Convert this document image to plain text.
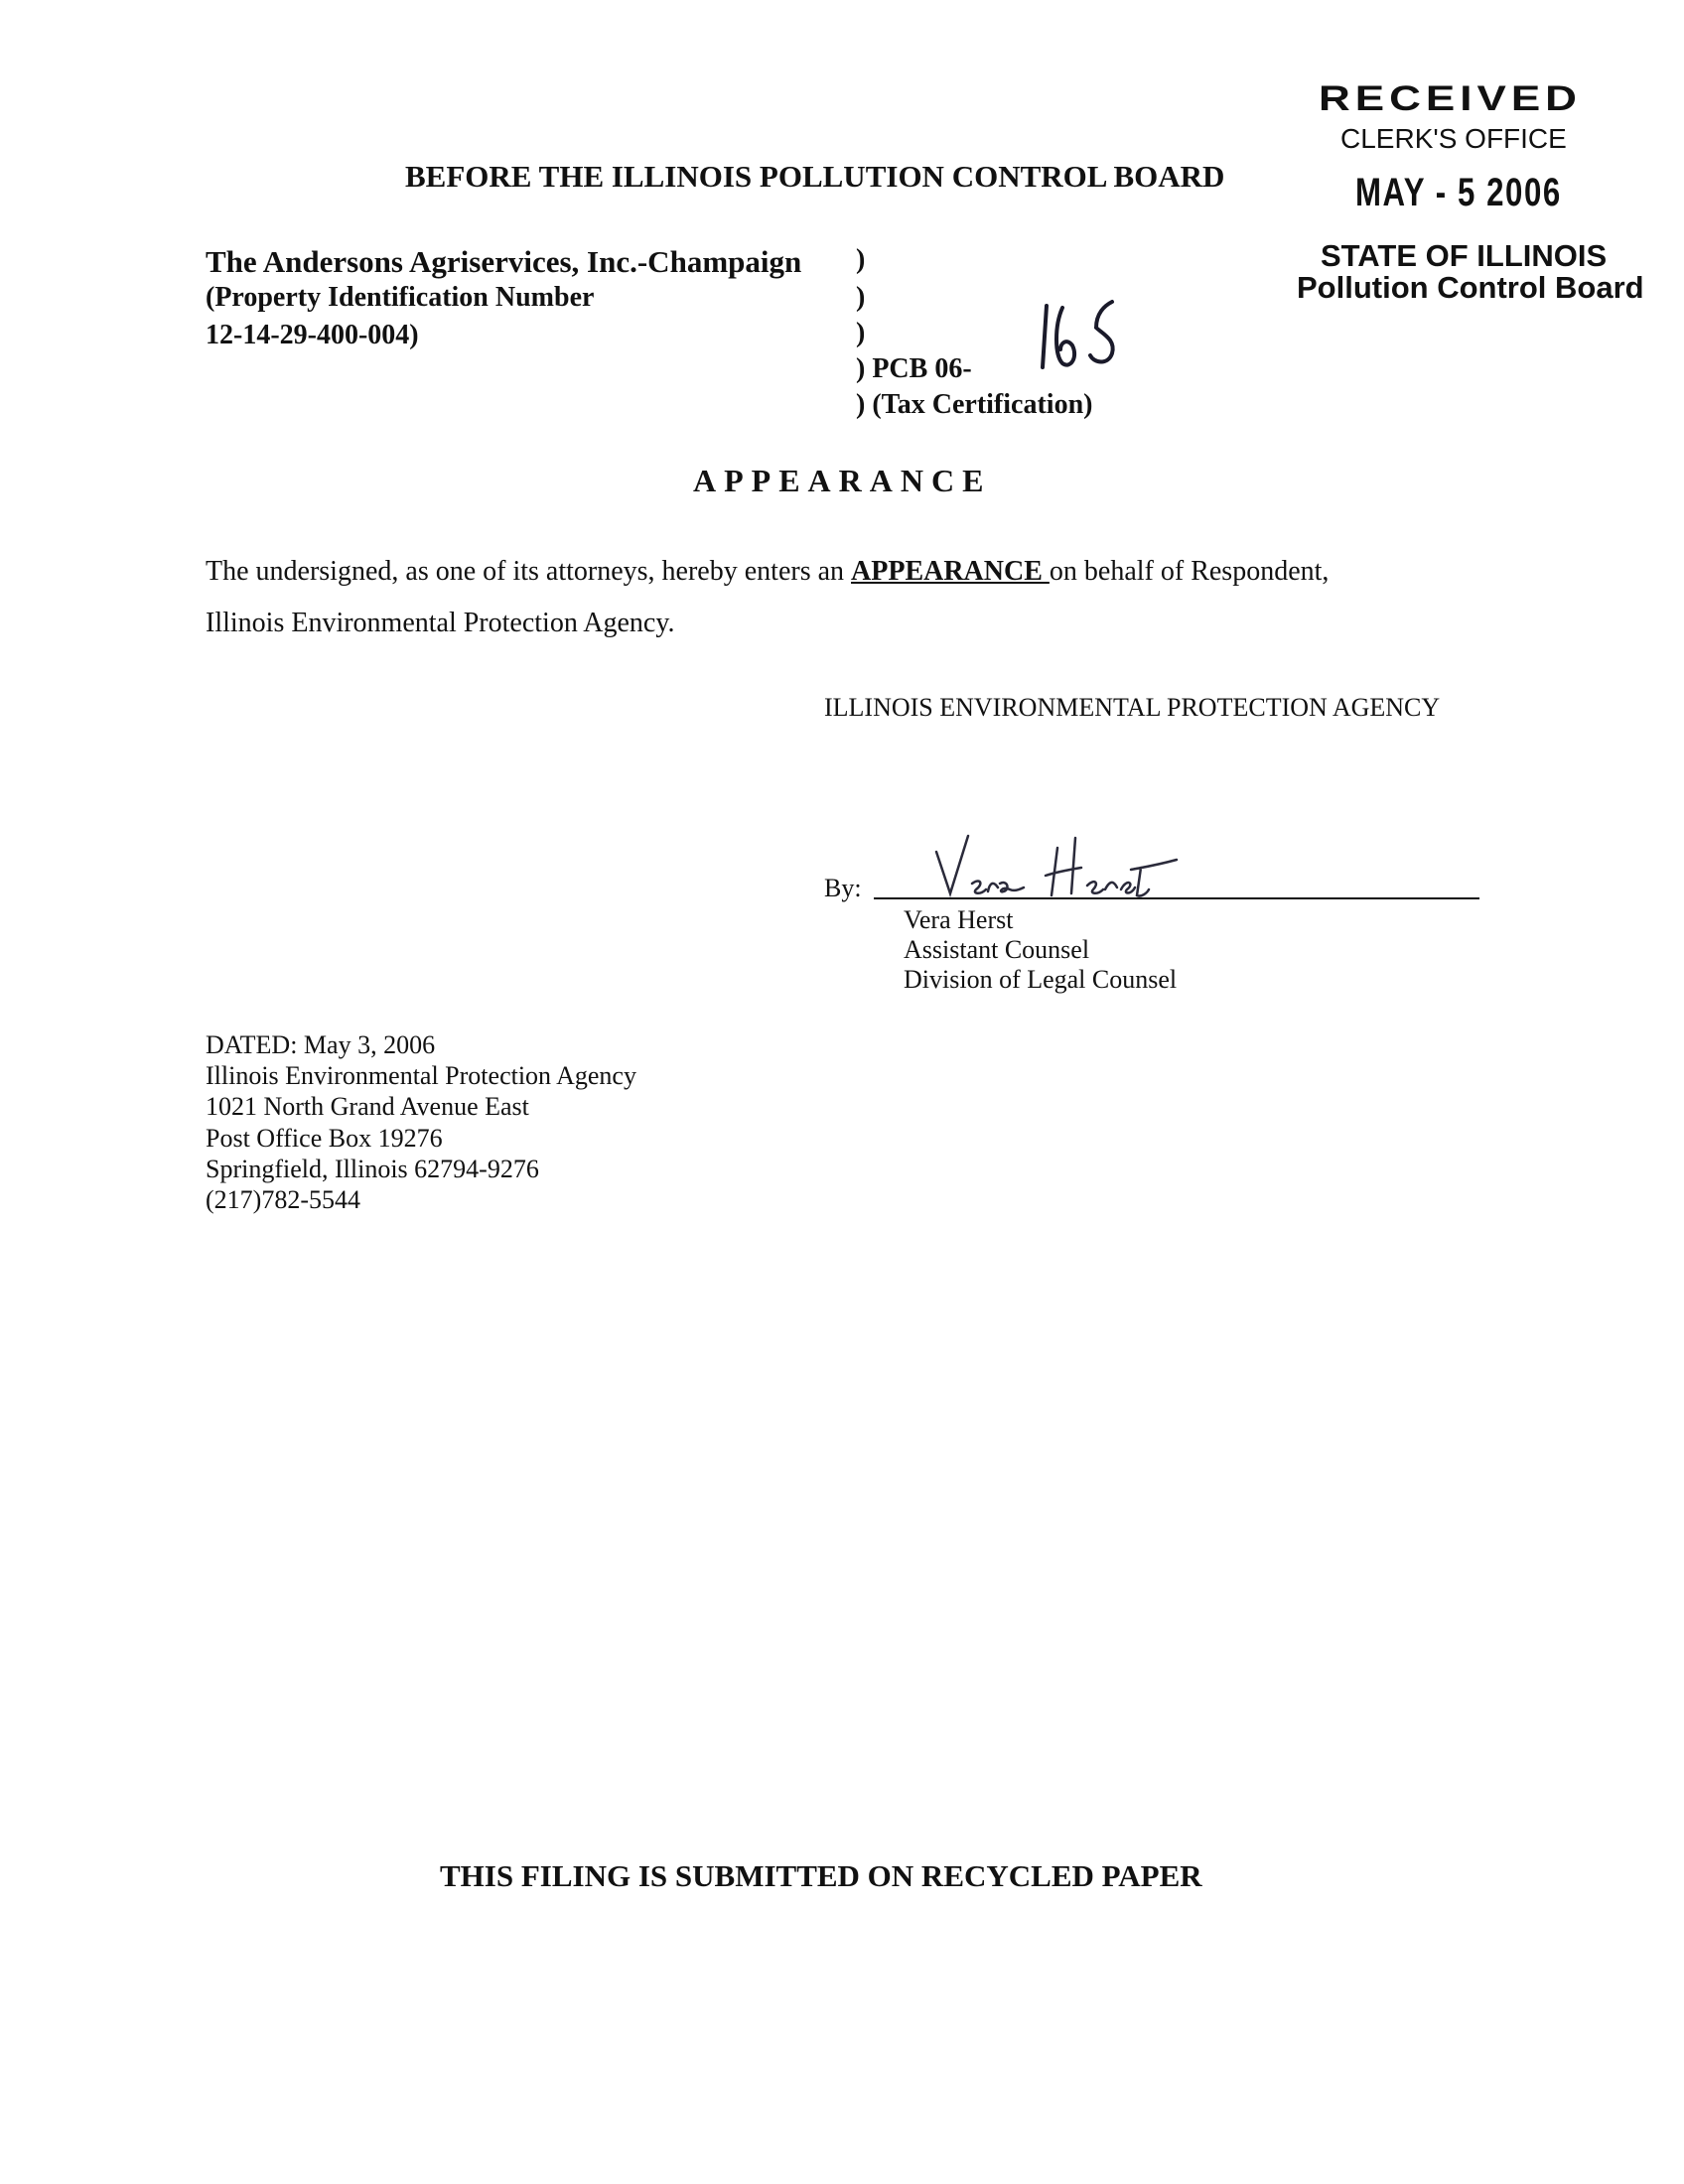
RECEIVED
CLERK'S OFFICE
MAY - 5 2006
STATE OF ILLINOIS
Pollution Control Board
BEFORE THE ILLINOIS POLLUTION CONTROL BOARD
The Andersons Agriservices, Inc.-Champaign
(Property Identification Number
12-14-29-400-004)
)
)
)
) PCB 06-
) (Tax Certification)
APPEARANCE
The undersigned, as one of its attorneys, hereby enters an APPEARANCE on behalf of Respondent,
Illinois Environmental Protection Agency.
ILLINOIS ENVIRONMENTAL PROTECTION AGENCY
By:
Vera Herst
Assistant Counsel
Division of Legal Counsel
DATED: May 3, 2006
Illinois Environmental Protection Agency
1021 North Grand Avenue East
Post Office Box 19276
Springfield, Illinois 62794-9276
(217)782-5544
THIS FILING IS SUBMITTED ON RECYCLED PAPER
